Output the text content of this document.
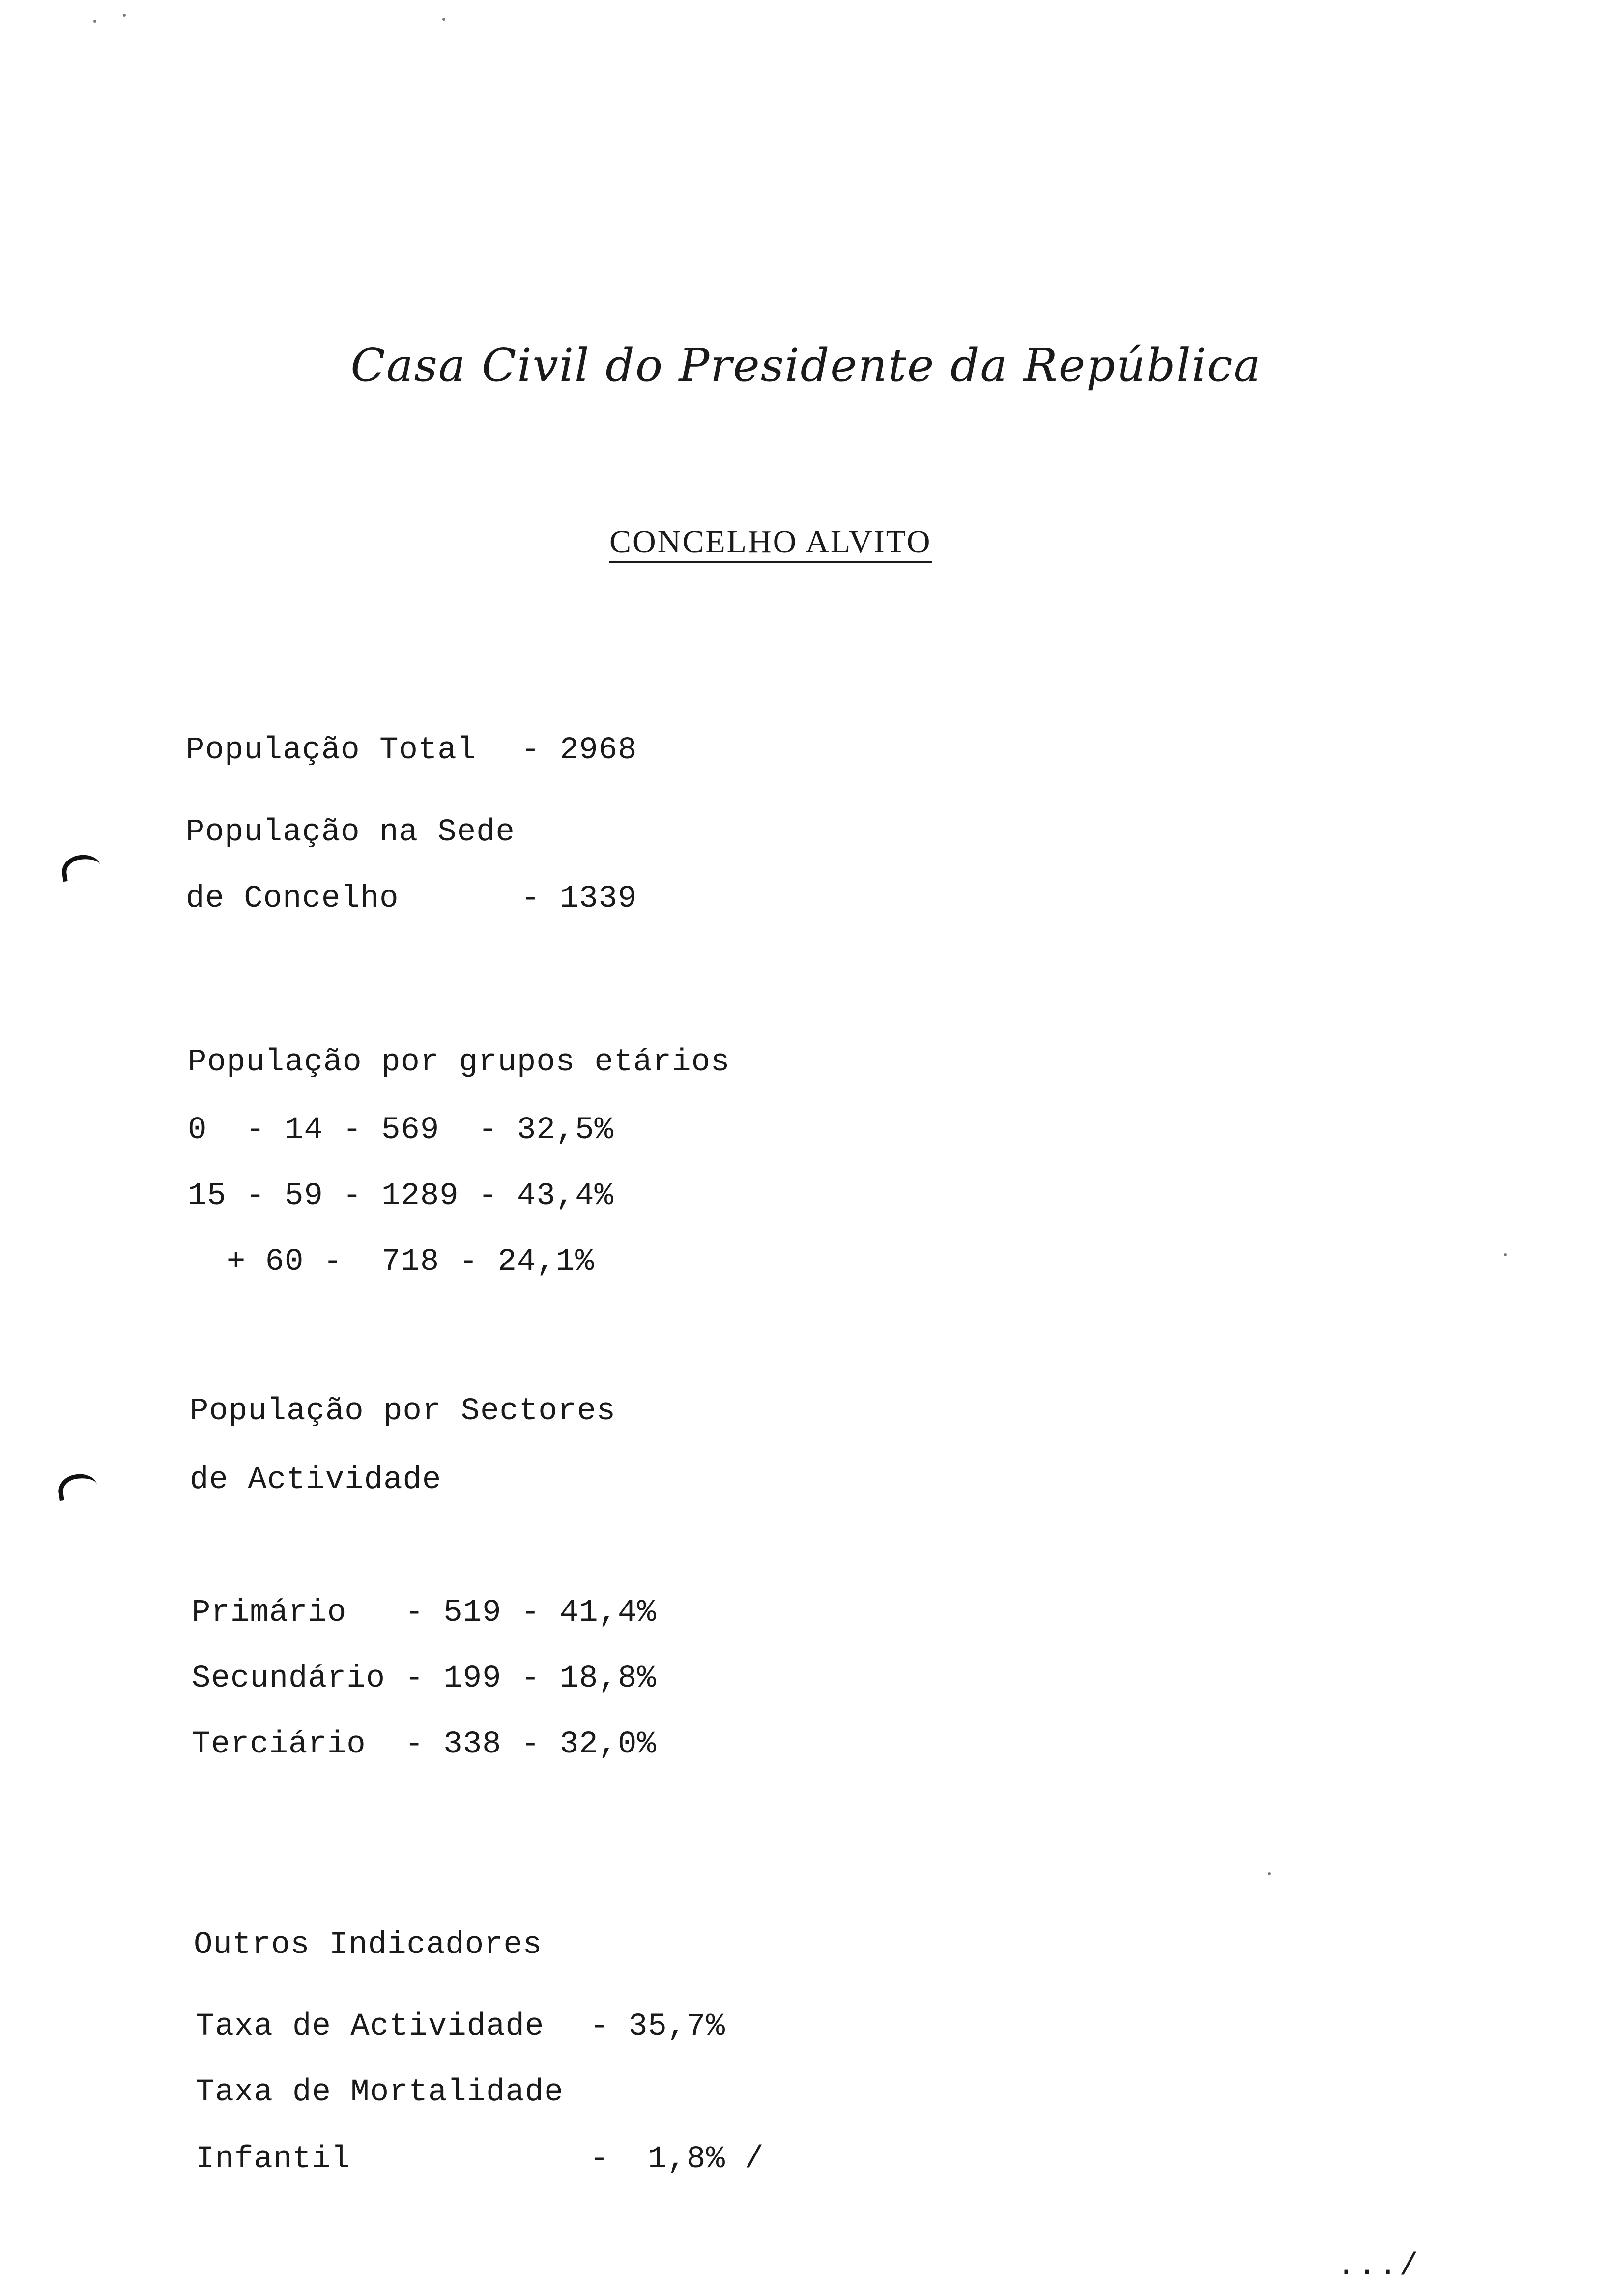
Casa Civil do Presidente da República
CONCELHO ALVITO
População Total - 2968
População na Sede
de Concelho	- 1339
População por grupos etários
0  - 14 - 569  - 32,5%
15 - 59 - 1289 - 43,4%
+ 60 -  718 - 24,1%
População por Sectores
de Actividade
Primário   - 519 - 41,4%
Secundário - 199 - 18,8%
Terciário  - 338 - 32,0%
Outros Indicadores
Taxa de Actividade - 35,7%
Taxa de Mortalidade
Infantil	-  1,8% /
.../
